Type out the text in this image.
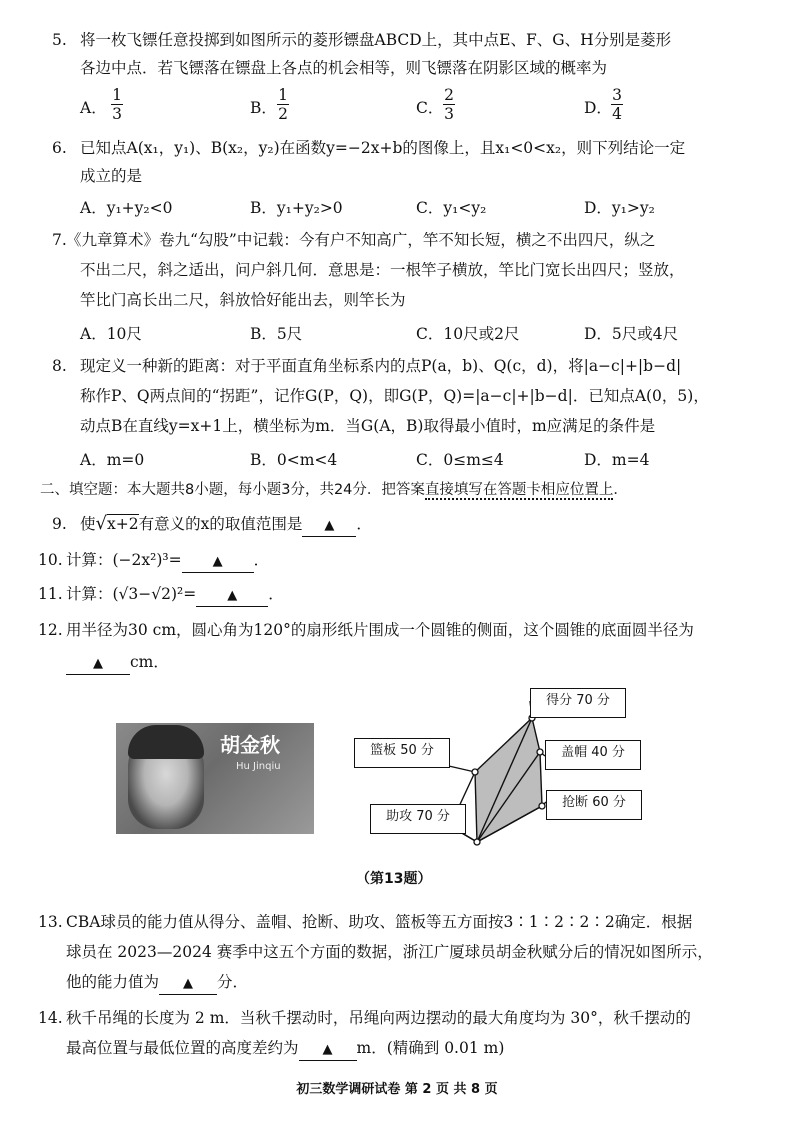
5. 将一枚飞镖任意投掷到如图所示的菱形镖盘ABCD上，其中点E、F、G、H分别是菱形
各边中点．若飞镖落在镖盘上各点的机会相等，则飞镖落在阴影区域的概率为
A．
1
3	B．
1
2	C．
2
3	D．
3
4
6. 已知点A(x₁，y₁)、B(x₂，y₂)在函数y=−2x+b的图像上，且x₁<0<x₂，则下列结论一定
成立的是
A．y₁+y₂<0	B．y₁+y₂>0	C．y₁<y₂	D．y₁>y₂
7. 《九章算术》卷九“勾股”中记载：今有户不知高广，竿不知长短，横之不出四尺，纵之
不出二尺，斜之适出，问户斜几何．意思是：一根竿子横放，竿比门宽长出四尺；竖放，
竿比门高长出二尺，斜放恰好能出去，则竿长为
A．10尺	B．5尺	C．10尺或2尺	D．5尺或4尺
8. 现定义一种新的距离：对于平面直角坐标系内的点P(a，b)、Q(c，d)，将|a−c|+|b−d|
称作P、Q两点间的“拐距”，记作G(P，Q)，即G(P，Q)=|a−c|+|b−d|．已知点A(0，5)，
动点B在直线y=x+1上，横坐标为m．当G(A，B)取得最小值时，m应满足的条件是
A．m=0	B．0<m<4	C．0≤m≤4	D．m=4
二、填空题：本大题共8小题，每小题3分，共24分．把答案直接填写在答题卡相应位置上．
9. 使√x+2有意义的x的取值范围是 ▲ ．
10. 计算：(−2x²)³= ▲ ．
11. 计算：(√3−√2)²= ▲ ．
12. 用半径为30 cm，圆心角为120°的扇形纸片围成一个圆锥的侧面，这个圆锥的底面圆半径为
▲ cm．
胡金秋
Hu Jinqiu
得分 70 分
盖帽 40 分
抢断 60 分
助攻 70 分
篮板 50 分
（第13题）
13. CBA球员的能力值从得分、盖帽、抢断、助攻、篮板等五方面按3∶1∶2∶2∶2确定．根据
球员在 2023—2024 赛季中这五个方面的数据，浙江广厦球员胡金秋赋分后的情况如图所示，
他的能力值为 ▲ 分．
14. 秋千吊绳的长度为 2 m．当秋千摆动时，吊绳向两边摆动的最大角度均为 30°，秋千摆动的
最高位置与最低位置的高度差约为 ▲ m．(精确到 0.01 m)
初三数学调研试卷 第 2 页 共 8 页
